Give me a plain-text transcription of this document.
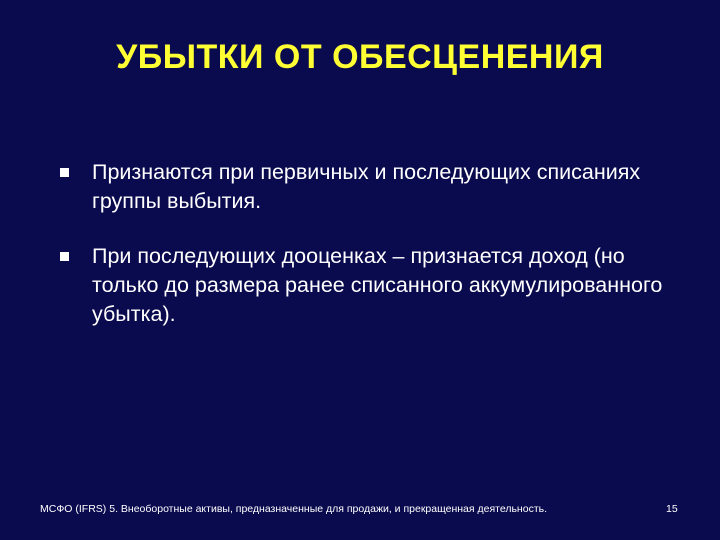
УБЫТКИ ОТ ОБЕСЦЕНЕНИЯ
Признаются при первичных и последующих списаниях группы выбытия.
При последующих дооценках – признается доход (но только до размера ранее списанного аккумулированного убытка).
МСФО (IFRS) 5. Внеоборотные активы, предназначенные для продажи, и прекращенная деятельность.	15
